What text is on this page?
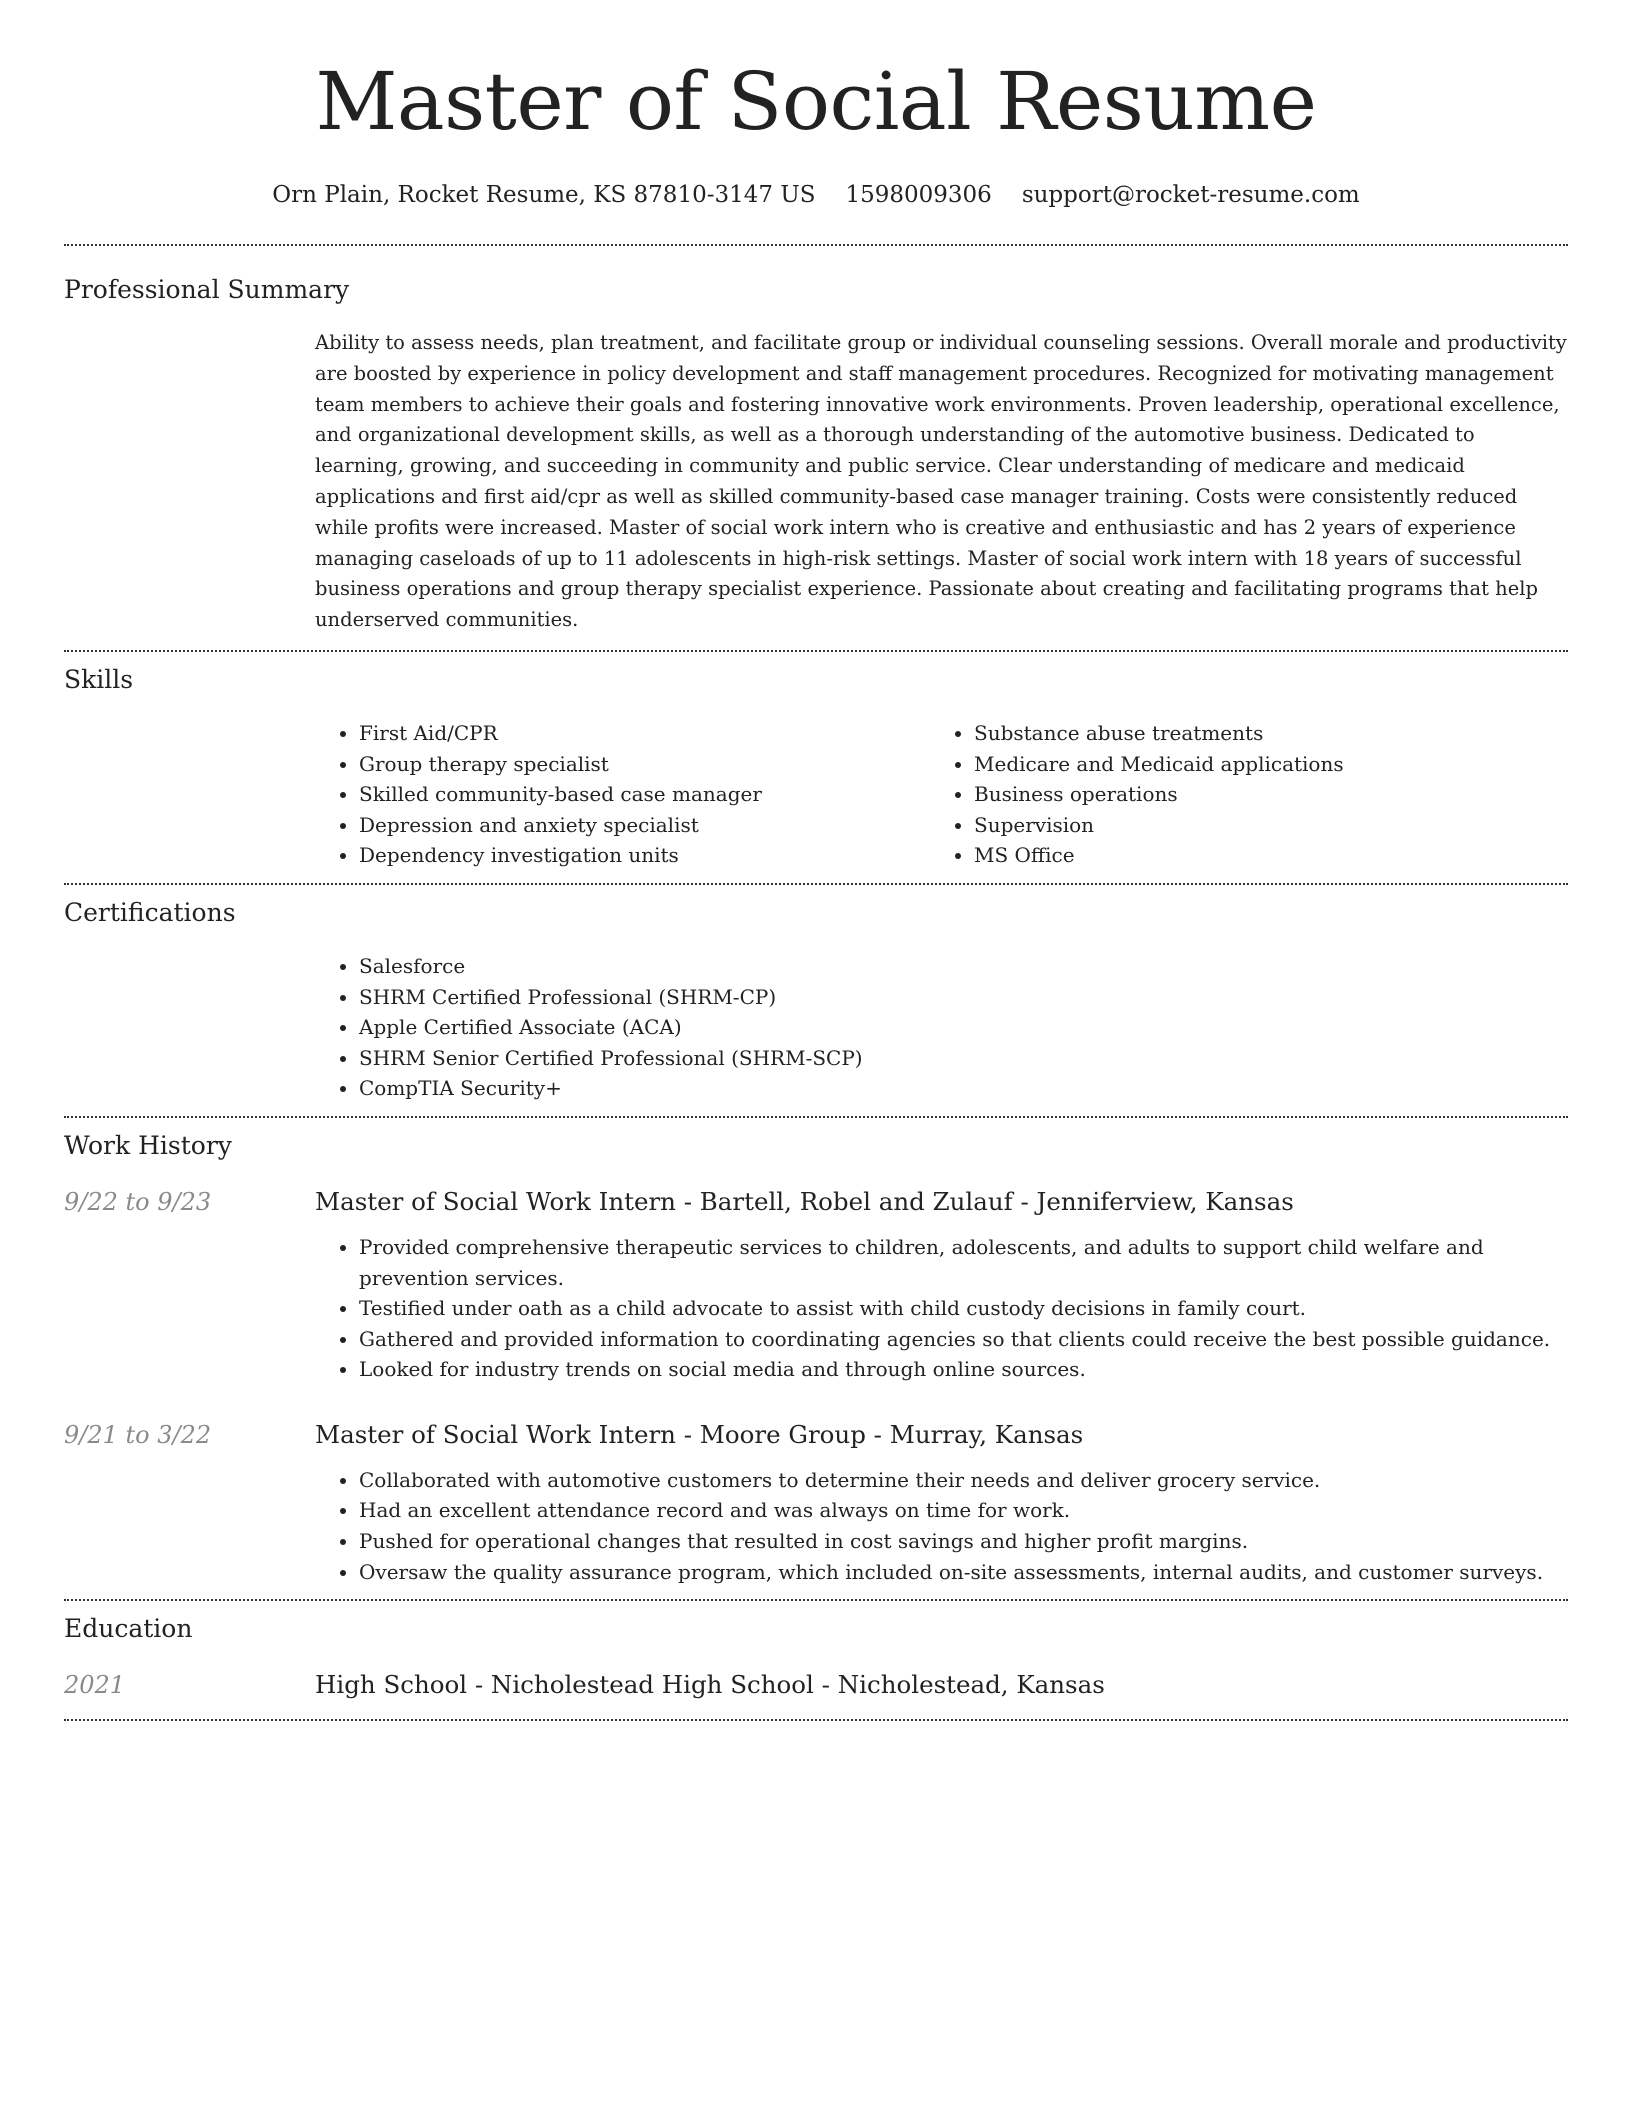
Master of Social Resume
Orn Plain, Rocket Resume, KS 87810-3147 US 1598009306 support@rocket-resume.com
Professional Summary

Ability to assess needs, plan treatment, and facilitate group or individual counseling sessions. Overall morale and productivity are boosted by experience in policy development and staff management procedures. Recognized for motivating management team members to achieve their goals and fostering innovative work environments. Proven leadership, operational excellence, and organizational development skills, as well as a thorough understanding of the automotive business. Dedicated to learning, growing, and succeeding in community and public service. Clear understanding of medicare and medicaid applications and first aid/cpr as well as skilled community-based case manager training. Costs were consistently reduced while profits were increased. Master of social work intern who is creative and enthusiastic and has 2 years of experience managing caseloads of up to 11 adolescents in high-risk settings. Master of social work intern with 18 years of successful business operations and group therapy specialist experience. Passionate about creating and facilitating programs that help underserved communities.

Skills
• First Aid/CPR
• Group therapy specialist
• Skilled community-based case manager
• Depression and anxiety specialist
• Dependency investigation units
• Substance abuse treatments
• Medicare and Medicaid applications
• Business operations
• Supervision
• MS Office
Certifications
• Salesforce
• SHRM Certified Professional (SHRM-CP)
• Apple Certified Associate (ACA)
• SHRM Senior Certified Professional (SHRM-SCP)
• CompTIA Security+
Work History
9/22 to 9/23	Master of Social Work Intern - Bartell, Robel and Zulauf - Jenniferview, Kansas
• Provided comprehensive therapeutic services to children, adolescents, and adults to support child welfare and prevention services.
• Testified under oath as a child advocate to assist with child custody decisions in family court.
• Gathered and provided information to coordinating agencies so that clients could receive the best possible guidance.
• Looked for industry trends on social media and through online sources.
9/21 to 3/22	Master of Social Work Intern - Moore Group - Murray, Kansas
• Collaborated with automotive customers to determine their needs and deliver grocery service.
• Had an excellent attendance record and was always on time for work.
• Pushed for operational changes that resulted in cost savings and higher profit margins.
• Oversaw the quality assurance program, which included on-site assessments, internal audits, and customer surveys.
Education
2021	High School - Nicholestead High School - Nicholestead, Kansas
